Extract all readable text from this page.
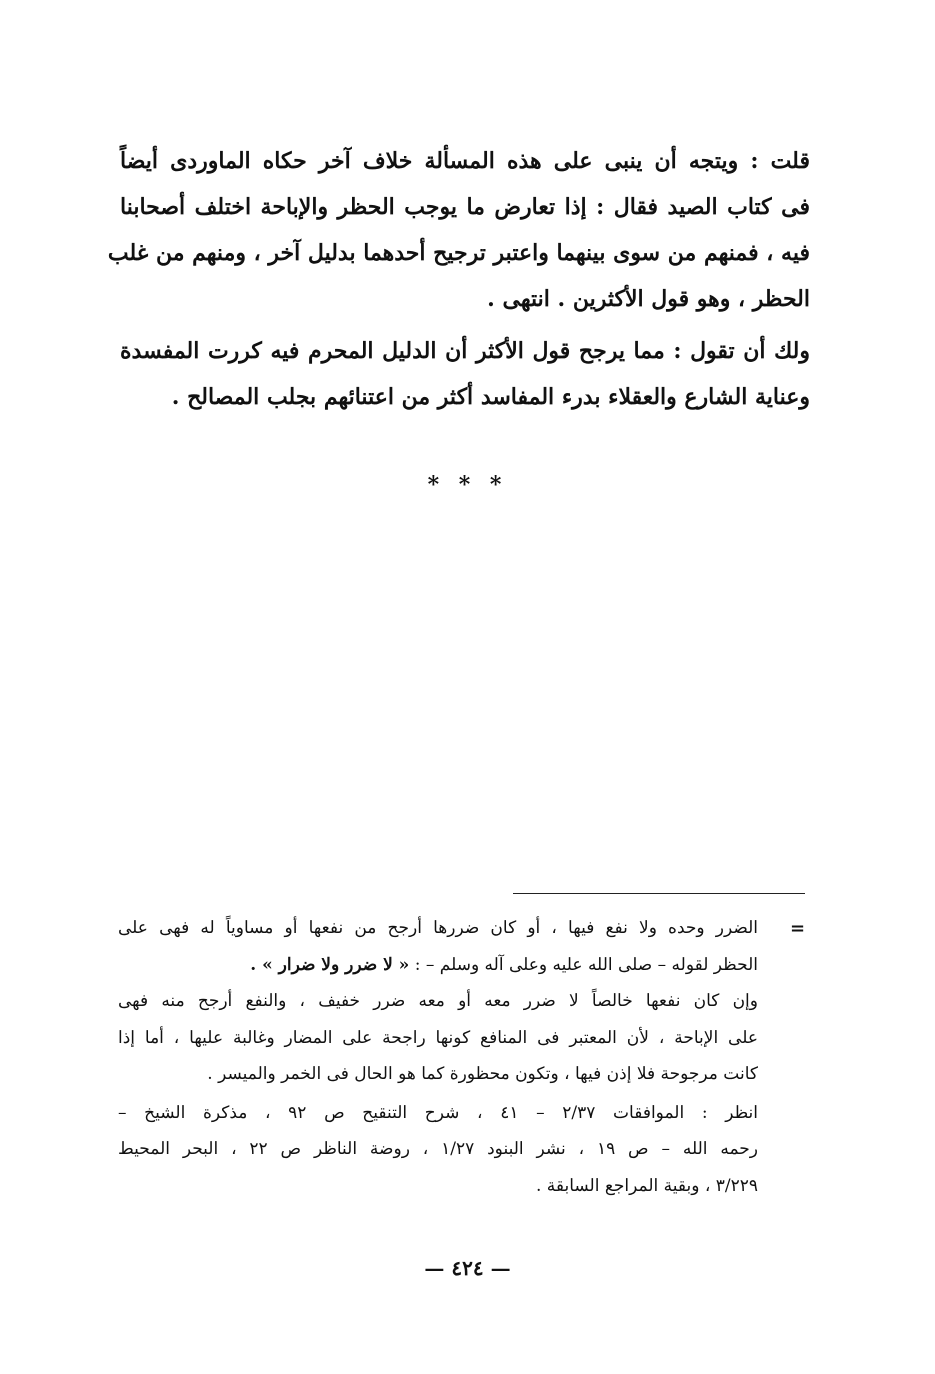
قلت : ويتجه أن ينبى على هذه المسألة خلاف آخر حكاه الماوردى أيضاً
فى كتاب الصيد فقال : إذا تعارض ما يوجب الحظر والإباحة اختلف أصحابنا
فيه ، فمنهم من سوى بينهما واعتبر ترجيح أحدهما بدليل آخر ، ومنهم من غلب
الحظر ، وهو قول الأكثرين . انتهى .

ولك أن تقول : مما يرجح قول الأكثر أن الدليل المحرم فيه كررت المفسدة
وعناية الشارع والعقلاء بدرء المفاسد أكثر من اعتنائهم بجلب المصالح .

* * *
=
الضرر وحده ولا نفع فيها ، أو كان ضررها أرجح من نفعها أو مساوياً له فهى على
الحظر لقوله – صلى الله عليه وعلى آله وسلم – : « لا ضرر ولا ضرار » .
وإن كان نفعها خالصاً لا ضرر معه أو معه ضرر خفيف ، والنفع أرجح منه فهى
على الإباحة ، لأن المعتبر فى المنافع كونها راجحة على المضار وغالبة عليها ، أما إذا
كانت مرجوحة فلا إذن فيها ، وتكون محظورة كما هو الحال فى الخمر والميسر .
انظر : الموافقات ٢/٣٧ – ٤١ ، شرح التنقيح ص ٩٢ ، مذكرة الشيخ –
رحمه الله – ص ١٩ ، نشر البنود ١/٢٧ ، روضة الناظر ص ٢٢ ، البحر المحيط
٣/٢٢٩ ، وبقية المراجع السابقة .
— ٤٢٤ —
